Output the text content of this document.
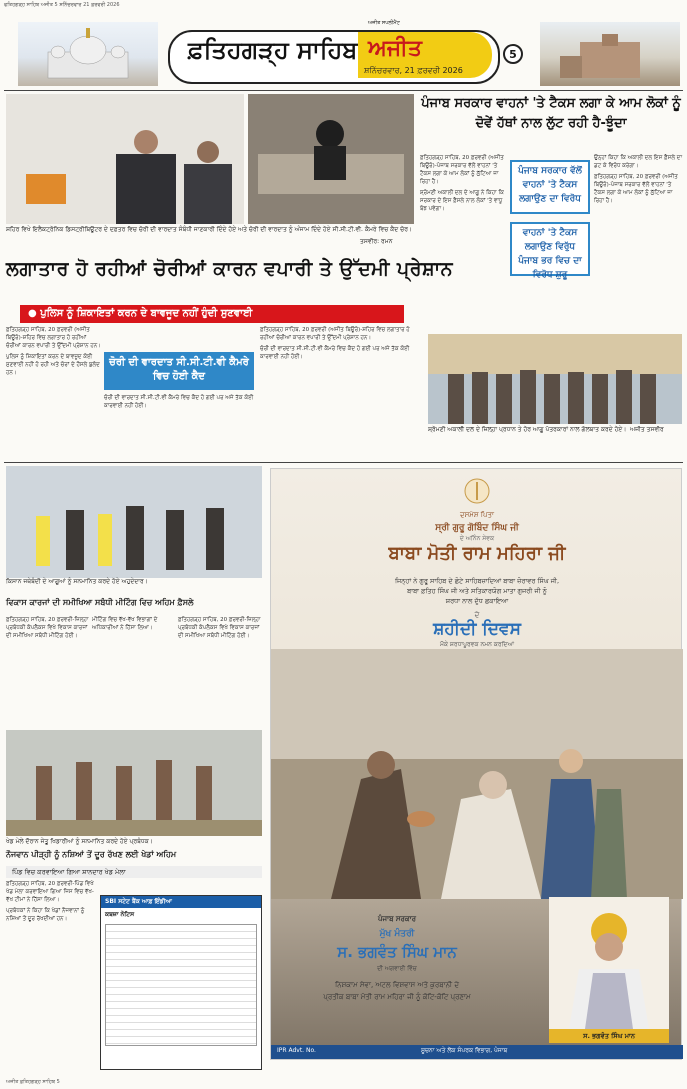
ਫਤਿਹਗੜ੍ਹ ਸਾਹਿਬ ਅਜੀਤ 5 ਸ਼ਨਿੱਚਰਵਾਰ 21 ਫ਼ਰਵਰੀ 2026
ਫ਼ਤਿਹਗੜ੍ਹ ਸਾਹਿਬ ਅਜੀਤ
ਸ਼ਨਿੱਚਰਵਾਰ, 21 ਫ਼ਰਵਰੀ 2026
ਅਜੀਤ ਸਪਲੀਮੈਂਟ
5
ਸ਼ਹਿਰ ਵਿਖੇ ਇਲੈਕਟ੍ਰੋਨਿਕ ਡਿਸਟ੍ਰੀਬਿਊਟਰ ਦੇ ਦਫ਼ਤਰ ਵਿਚ ਚੋਰੀ ਦੀ ਵਾਰਦਾਤ ਸੰਬੰਧੀ ਜਾਣਕਾਰੀ ਦਿੰਦੇ ਹੋਏ ਅਤੇ ਚੋਰੀ ਦੀ ਵਾਰਦਾਤ ਨੂੰ ਅੰਜਾਮ ਦਿੰਦੇ ਹੋਏ ਸੀ.ਸੀ.ਟੀ.ਵੀ. ਕੈਮਰੇ ਵਿਚ ਕੈਦ ਚੋਰ।
ਤਸਵੀਰ: ਰਮਨ
ਲਗਾਤਾਰ ਹੋ ਰਹੀਆਂ ਚੋਰੀਆਂ ਕਾਰਨ ਵਪਾਰੀ ਤੇ ਉੱਦਮੀ ਪ੍ਰੇਸ਼ਾਨ
● ਪੁਲਿਸ ਨੂੰ ਸ਼ਿਕਾਇਤਾਂ ਕਰਨ ਦੇ ਬਾਵਜੂਦ ਨਹੀਂ ਹੁੰਦੀ ਸੁਣਵਾਈ

ਫ਼ਤਿਹਗੜ੍ਹ ਸਾਹਿਬ, 20 ਫ਼ਰਵਰੀ (ਅਜੀਤ ਬਿਊਰੋ)-ਸ਼ਹਿਰ ਵਿਚ ਲਗਾਤਾਰ ਹੋ ਰਹੀਆਂ ਚੋਰੀਆਂ ਕਾਰਨ ਵਪਾਰੀ ਤੇ ਉੱਦਮੀ ਪ੍ਰੇਸ਼ਾਨ ਹਨ।

ਪੁਲਿਸ ਨੂੰ ਸ਼ਿਕਾਇਤਾਂ ਕਰਨ ਦੇ ਬਾਵਜੂਦ ਕੋਈ ਸੁਣਵਾਈ ਨਹੀਂ ਹੋ ਰਹੀ ਅਤੇ ਚੋਰਾਂ ਦੇ ਹੌਸਲੇ ਬੁਲੰਦ ਹਨ।

ਚੋਰੀ ਦੀ ਵਾਰਦਾਤ ਸੀ.ਸੀ.ਟੀ.ਵੀ ਕੈਮਰੇ ਵਿਚ ਹੋਈ ਕੈਦ

ਚੋਰੀ ਦੀ ਵਾਰਦਾਤ ਸੀ.ਸੀ.ਟੀ.ਵੀ ਕੈਮਰੇ ਵਿਚ ਕੈਦ ਹੋ ਗਈ ਪਰ ਅਜੇ ਤੱਕ ਕੋਈ ਕਾਰਵਾਈ ਨਹੀਂ ਹੋਈ।

ਫ਼ਤਿਹਗੜ੍ਹ ਸਾਹਿਬ, 20 ਫ਼ਰਵਰੀ (ਅਜੀਤ ਬਿਊਰੋ)-ਸ਼ਹਿਰ ਵਿਚ ਲਗਾਤਾਰ ਹੋ ਰਹੀਆਂ ਚੋਰੀਆਂ ਕਾਰਨ ਵਪਾਰੀ ਤੇ ਉੱਦਮੀ ਪ੍ਰੇਸ਼ਾਨ ਹਨ।

ਚੋਰੀ ਦੀ ਵਾਰਦਾਤ ਸੀ.ਸੀ.ਟੀ.ਵੀ ਕੈਮਰੇ ਵਿਚ ਕੈਦ ਹੋ ਗਈ ਪਰ ਅਜੇ ਤੱਕ ਕੋਈ ਕਾਰਵਾਈ ਨਹੀਂ ਹੋਈ।

ਪੰਜਾਬ ਸਰਕਾਰ ਵਾਹਨਾਂ 'ਤੇ ਟੈਕਸ ਲਗਾ ਕੇ ਆਮ ਲੋਕਾਂ ਨੂੰ ਦੋਵੇਂ ਹੱਥਾਂ ਨਾਲ ਲੁੱਟ ਰਹੀ ਹੈ-ਝੂੰਦਾ

ਫ਼ਤਿਹਗੜ੍ਹ ਸਾਹਿਬ, 20 ਫ਼ਰਵਰੀ (ਅਜੀਤ ਬਿਊਰੋ)-ਪੰਜਾਬ ਸਰਕਾਰ ਵੱਲੋਂ ਵਾਹਨਾਂ 'ਤੇ ਟੈਕਸ ਲਗਾ ਕੇ ਆਮ ਲੋਕਾਂ ਨੂੰ ਲੁੱਟਿਆ ਜਾ ਰਿਹਾ ਹੈ।

ਸ਼੍ਰੋਮਣੀ ਅਕਾਲੀ ਦਲ ਦੇ ਆਗੂ ਨੇ ਕਿਹਾ ਕਿ ਸਰਕਾਰ ਦੇ ਇਸ ਫ਼ੈਸਲੇ ਨਾਲ ਲੋਕਾਂ 'ਤੇ ਵਾਧੂ ਬੋਝ ਪਵੇਗਾ।

ਪੰਜਾਬ ਸਰਕਾਰ ਵੱਲੋਂ ਵਾਹਨਾਂ 'ਤੇ ਟੈਕਸ ਲਗਾਉਣ ਦਾ ਵਿਰੋਧ
ਵਾਹਨਾਂ 'ਤੇ ਟੈਕਸ ਲਗਾਉਣ ਵਿਰੁੱਧ ਪੰਜਾਬ ਭਰ ਵਿਚ ਦਾ ਵਿਰੋਧ ਸ਼ੁਰੂ

ਉਨ੍ਹਾਂ ਕਿਹਾ ਕਿ ਅਕਾਲੀ ਦਲ ਇਸ ਫ਼ੈਸਲੇ ਦਾ ਡਟ ਕੇ ਵਿਰੋਧ ਕਰੇਗਾ।

ਫ਼ਤਿਹਗੜ੍ਹ ਸਾਹਿਬ, 20 ਫ਼ਰਵਰੀ (ਅਜੀਤ ਬਿਊਰੋ)-ਪੰਜਾਬ ਸਰਕਾਰ ਵੱਲੋਂ ਵਾਹਨਾਂ 'ਤੇ ਟੈਕਸ ਲਗਾ ਕੇ ਆਮ ਲੋਕਾਂ ਨੂੰ ਲੁੱਟਿਆ ਜਾ ਰਿਹਾ ਹੈ।

ਸ਼੍ਰੋਮਣੀ ਅਕਾਲੀ ਦਲ ਦੇ ਜ਼ਿਲ੍ਹਾ ਪ੍ਰਧਾਨ ਤੇ ਹੋਰ ਆਗੂ ਪੱਤਰਕਾਰਾਂ ਨਾਲ ਗੱਲਬਾਤ ਕਰਦੇ ਹੋਏ। ਅਜੀਤ ਤਸਵੀਰ
ਕਿਸਾਨ ਜਥੇਬੰਦੀ ਦੇ ਆਗੂਆਂ ਨੂੰ ਸਨਮਾਨਿਤ ਕਰਦੇ ਹੋਏ ਅਹੁਦੇਦਾਰ।
ਵਿਕਾਸ ਕਾਰਜਾਂ ਦੀ ਸਮੀਖਿਆ ਸਬੰਧੀ ਮੀਟਿੰਗ ਵਿਚ ਅਹਿਮ ਫ਼ੈਸਲੇ

ਫ਼ਤਿਹਗੜ੍ਹ ਸਾਹਿਬ, 20 ਫ਼ਰਵਰੀ-ਜ਼ਿਲ੍ਹਾ ਪ੍ਰਬੰਧਕੀ ਕੰਪਲੈਕਸ ਵਿਖੇ ਵਿਕਾਸ ਕਾਰਜਾਂ ਦੀ ਸਮੀਖਿਆ ਸਬੰਧੀ ਮੀਟਿੰਗ ਹੋਈ।

ਮੀਟਿੰਗ ਵਿਚ ਵੱਖ-ਵੱਖ ਵਿਭਾਗਾਂ ਦੇ ਅਧਿਕਾਰੀਆਂ ਨੇ ਹਿੱਸਾ ਲਿਆ।

ਫ਼ਤਿਹਗੜ੍ਹ ਸਾਹਿਬ, 20 ਫ਼ਰਵਰੀ-ਜ਼ਿਲ੍ਹਾ ਪ੍ਰਬੰਧਕੀ ਕੰਪਲੈਕਸ ਵਿਖੇ ਵਿਕਾਸ ਕਾਰਜਾਂ ਦੀ ਸਮੀਖਿਆ ਸਬੰਧੀ ਮੀਟਿੰਗ ਹੋਈ।

ਖੇਡ ਮੇਲੇ ਦੌਰਾਨ ਜੇਤੂ ਖਿਡਾਰੀਆਂ ਨੂੰ ਸਨਮਾਨਿਤ ਕਰਦੇ ਹੋਏ ਪ੍ਰਬੰਧਕ।
ਨੌਜਵਾਨ ਪੀੜ੍ਹੀ ਨੂੰ ਨਸ਼ਿਆਂ ਤੋਂ ਦੂਰ ਰੱਖਣ ਲਈ ਖੇਡਾਂ ਅਹਿਮ
ਪਿੰਡ ਵਿਚ ਕਰਵਾਇਆ ਗਿਆ ਸ਼ਾਨਦਾਰ ਖੇਡ ਮੇਲਾ

ਫ਼ਤਿਹਗੜ੍ਹ ਸਾਹਿਬ, 20 ਫ਼ਰਵਰੀ-ਪਿੰਡ ਵਿਖੇ ਖੇਡ ਮੇਲਾ ਕਰਵਾਇਆ ਗਿਆ ਜਿਸ ਵਿਚ ਵੱਖ-ਵੱਖ ਟੀਮਾਂ ਨੇ ਹਿੱਸਾ ਲਿਆ।

ਪ੍ਰਬੰਧਕਾਂ ਨੇ ਕਿਹਾ ਕਿ ਖੇਡਾਂ ਨੌਜਵਾਨਾਂ ਨੂੰ ਨਸ਼ਿਆਂ ਤੋਂ ਦੂਰ ਰੱਖਦੀਆਂ ਹਨ।

SBI ਸਟੇਟ ਬੈਂਕ ਆਫ਼ ਇੰਡੀਆ
ਕਬਜ਼ਾ ਨੋਟਿਸ
ਦਸਮੇਸ਼ ਪਿਤਾ
ਸ੍ਰੀ ਗੁਰੂ ਗੋਬਿੰਦ ਸਿੰਘ ਜੀ
ਦੇ ਅਨਿੰਨ ਸੇਵਕ
ਬਾਬਾ ਮੋਤੀ ਰਾਮ ਮਹਿਰਾ ਜੀ
ਜਿਨ੍ਹਾਂ ਨੇ ਗੁਰੂ ਸਾਹਿਬ ਦੇ ਛੋਟੇ ਸਾਹਿਬਜ਼ਾਦਿਆਂ ਬਾਬਾ ਜ਼ੋਰਾਵਰ ਸਿੰਘ ਜੀ,
ਬਾਬਾ ਫ਼ਤਿਹ ਸਿੰਘ ਜੀ ਅਤੇ ਸਤਿਕਾਰਯੋਗ ਮਾਤਾ ਗੁਜਰੀ ਜੀ ਨੂੰ
ਸ਼ਰਧਾ ਨਾਲ ਦੁੱਧ ਛਕਾਇਆ
ਦੇ
ਸ਼ਹੀਦੀ ਦਿਵਸ
ਮੌਕੇ ਸ਼ਰਧਾਪੂਰਵਕ ਨਮਨ ਕਰਦਿਆਂ
ਪੰਜਾਬ ਸਰਕਾਰ
ਮੁੱਖ ਮੰਤਰੀ
ਸ. ਭਗਵੰਤ ਸਿੰਘ ਮਾਨ
ਦੀ ਅਗਵਾਈ ਵਿੱਚ
ਨਿਸ਼ਕਾਮ ਸੇਵਾ, ਅਟਲ ਵਿਸ਼ਵਾਸ ਅਤੇ ਕੁਰਬਾਨੀ ਦੇ
ਪ੍ਰਤੀਕ ਬਾਬਾ ਮੋਤੀ ਰਾਮ ਮਹਿਰਾ ਜੀ ਨੂੰ ਕੋਟਿ-ਕੋਟਿ ਪ੍ਰਣਾਮ
ਸ. ਭਗਵੰਤ ਸਿੰਘ ਮਾਨ
ਸੂਚਨਾ ਅਤੇ ਲੋਕ ਸੰਪਰਕ ਵਿਭਾਗ, ਪੰਜਾਬ
IPR Advt. No.
ਅਜੀਤ ਫ਼ਤਿਹਗੜ੍ਹ ਸਾਹਿਬ 5
